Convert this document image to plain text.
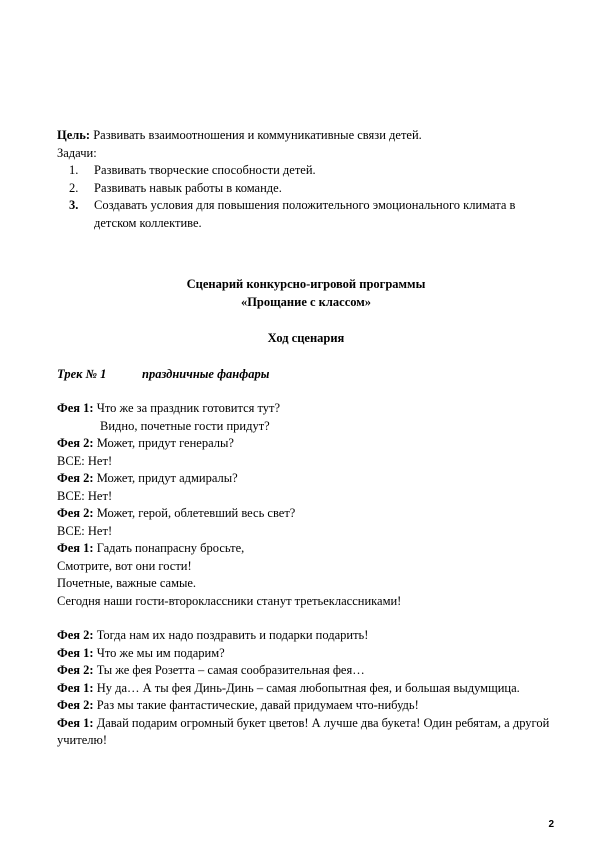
Цель: Развивать взаимоотношения и коммуникативные связи детей.
Задачи:
1. Развивать творческие способности детей.
2. Развивать навык работы в команде.
3. Создавать условия для повышения положительного эмоционального климата в детском коллективе.
Сценарий конкурсно-игровой программы
«Прощание с классом»
Ход сценария
Трек № 1	праздничные фанфары
Фея 1: Что же за праздник готовится тут?
Видно, почетные гости придут?
Фея 2: Может, придут генералы?
ВСЕ: Нет!
Фея 2: Может, придут адмиралы?
ВСЕ: Нет!
Фея 2: Может, герой, облетевший весь свет?
ВСЕ: Нет!
Фея 1: Гадать понапрасну бросьте,
Смотрите, вот они гости!
Почетные, важные самые.
Сегодня наши гости-второклассники станут третьеклассниками!
Фея 2: Тогда нам их надо поздравить и подарки подарить!
Фея 1: Что же мы им подарим?
Фея 2: Ты же фея Розетта – самая сообразительная фея…
Фея 1: Ну да… А ты фея Динь-Динь – самая любопытная фея, и большая выдумщица.
Фея 2: Раз мы такие фантастические, давай придумаем что-нибудь!
Фея 1: Давай подарим огромный букет цветов! А лучше два букета! Один ребятам, а другой учителю!
2
